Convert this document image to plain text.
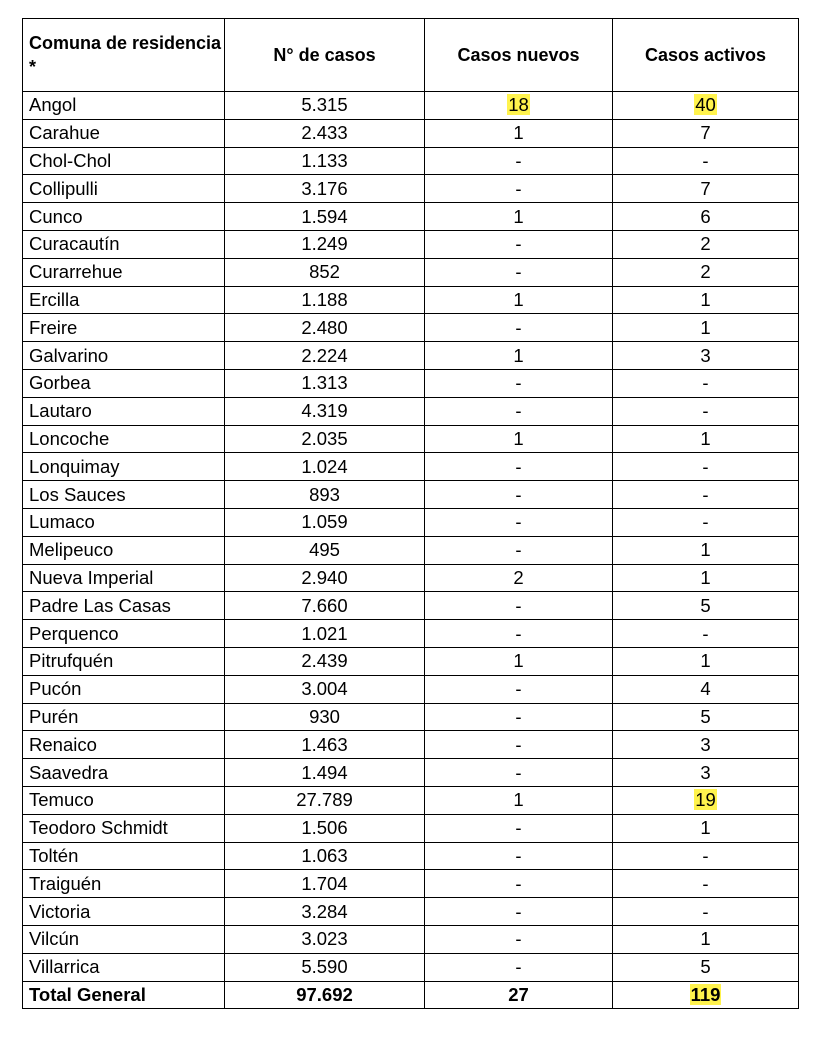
Comuna de residencia *	N° de casos	Casos nuevos	Casos activos
Angol	5.315	18	40
Carahue	2.433	1	7
Chol-Chol	1.133	-	-
Collipulli	3.176	-	7
Cunco	1.594	1	6
Curacautín	1.249	-	2
Curarrehue	852	-	2
Ercilla	1.188	1	1
Freire	2.480	-	1
Galvarino	2.224	1	3
Gorbea	1.313	-	-
Lautaro	4.319	-	-
Loncoche	2.035	1	1
Lonquimay	1.024	-	-
Los Sauces	893	-	-
Lumaco	1.059	-	-
Melipeuco	495	-	1
Nueva Imperial	2.940	2	1
Padre Las Casas	7.660	-	5
Perquenco	1.021	-	-
Pitrufquén	2.439	1	1
Pucón	3.004	-	4
Purén	930	-	5
Renaico	1.463	-	3
Saavedra	1.494	-	3
Temuco	27.789	1	19
Teodoro Schmidt	1.506	-	1
Toltén	1.063	-	-
Traiguén	1.704	-	-
Victoria	3.284	-	-
Vilcún	3.023	-	1
Villarrica	5.590	-	5
Total General	97.692	27	119
